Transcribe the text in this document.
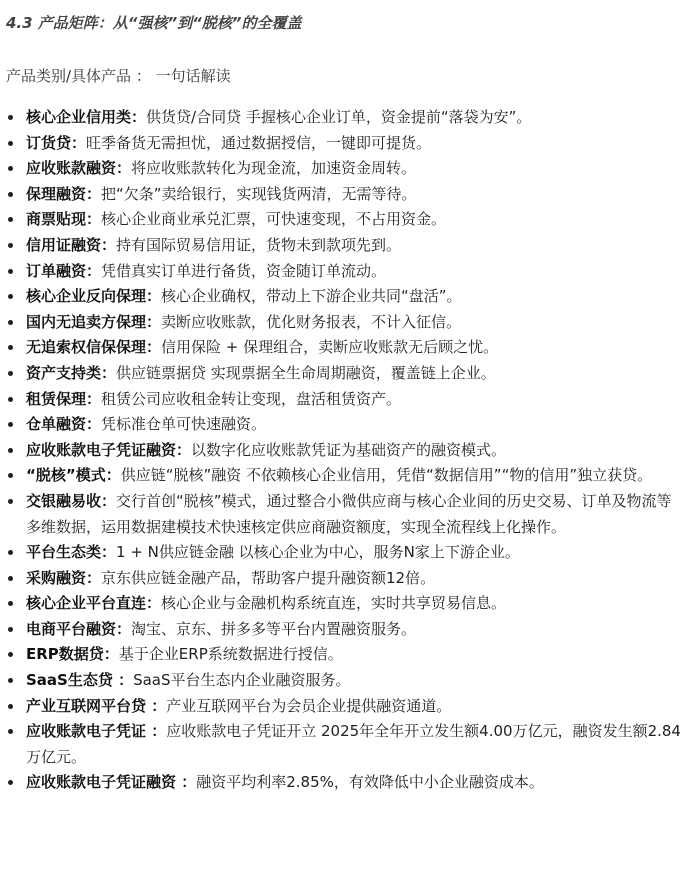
4.3 产品矩阵：从“强核”到“脱核”的全覆盖

产品类别/具体产品 ： 一句话解读

核心企业信用类：供货贷/合同贷 手握核心企业订单，资金提前“落袋为安”。
订货贷：旺季备货无需担忧，通过数据授信，一键即可提货。
应收账款融资：将应收账款转化为现金流，加速资金周转。
保理融资：把“欠条”卖给银行，实现钱货两清，无需等待。
商票贴现：核心企业商业承兑汇票，可快速变现，不占用资金。
信用证融资：持有国际贸易信用证，货物未到款项先到。
订单融资：凭借真实订单进行备货，资金随订单流动。
核心企业反向保理：核心企业确权，带动上下游企业共同“盘活”。
国内无追卖方保理：卖断应收账款，优化财务报表，不计入征信。
无追索权信保保理：信用保险 + 保理组合，卖断应收账款无后顾之忧。
资产支持类：供应链票据贷 实现票据全生命周期融资，覆盖链上企业。
租赁保理：租赁公司应收租金转让变现，盘活租赁资产。
仓单融资：凭标准仓单可快速融资。
应收账款电子凭证融资：以数字化应收账款凭证为基础资产的融资模式。
“脱核”模式：供应链“脱核”融资 不依赖核心企业信用，凭借“数据信用”“物的信用”独立获贷。
交银融易收：交行首创“脱核”模式，通过整合小微供应商与核心企业间的历史交易、订单及物流等多维数据，运用数据建模技术快速核定供应商融资额度，实现全流程线上化操作。
平台生态类：1 + N供应链金融 以核心企业为中心，服务N家上下游企业。
采购融资：京东供应链金融产品，帮助客户提升融资额12倍。
核心企业平台直连：核心企业与金融机构系统直连，实时共享贸易信息。
电商平台融资：淘宝、京东、拼多多等平台内置融资服务。
ERP数据贷：基于企业ERP系统数据进行授信。
SaaS生态贷 ：SaaS平台生态内企业融资服务。
产业互联网平台贷 ：产业互联网平台为会员企业提供融资通道。
应收账款电子凭证 ：应收账款电子凭证开立 2025年全年开立发生额4.00万亿元，融资发生额2.84万亿元。
应收账款电子凭证融资 ：融资平均利率2.85%，有效降低中小企业融资成本。
